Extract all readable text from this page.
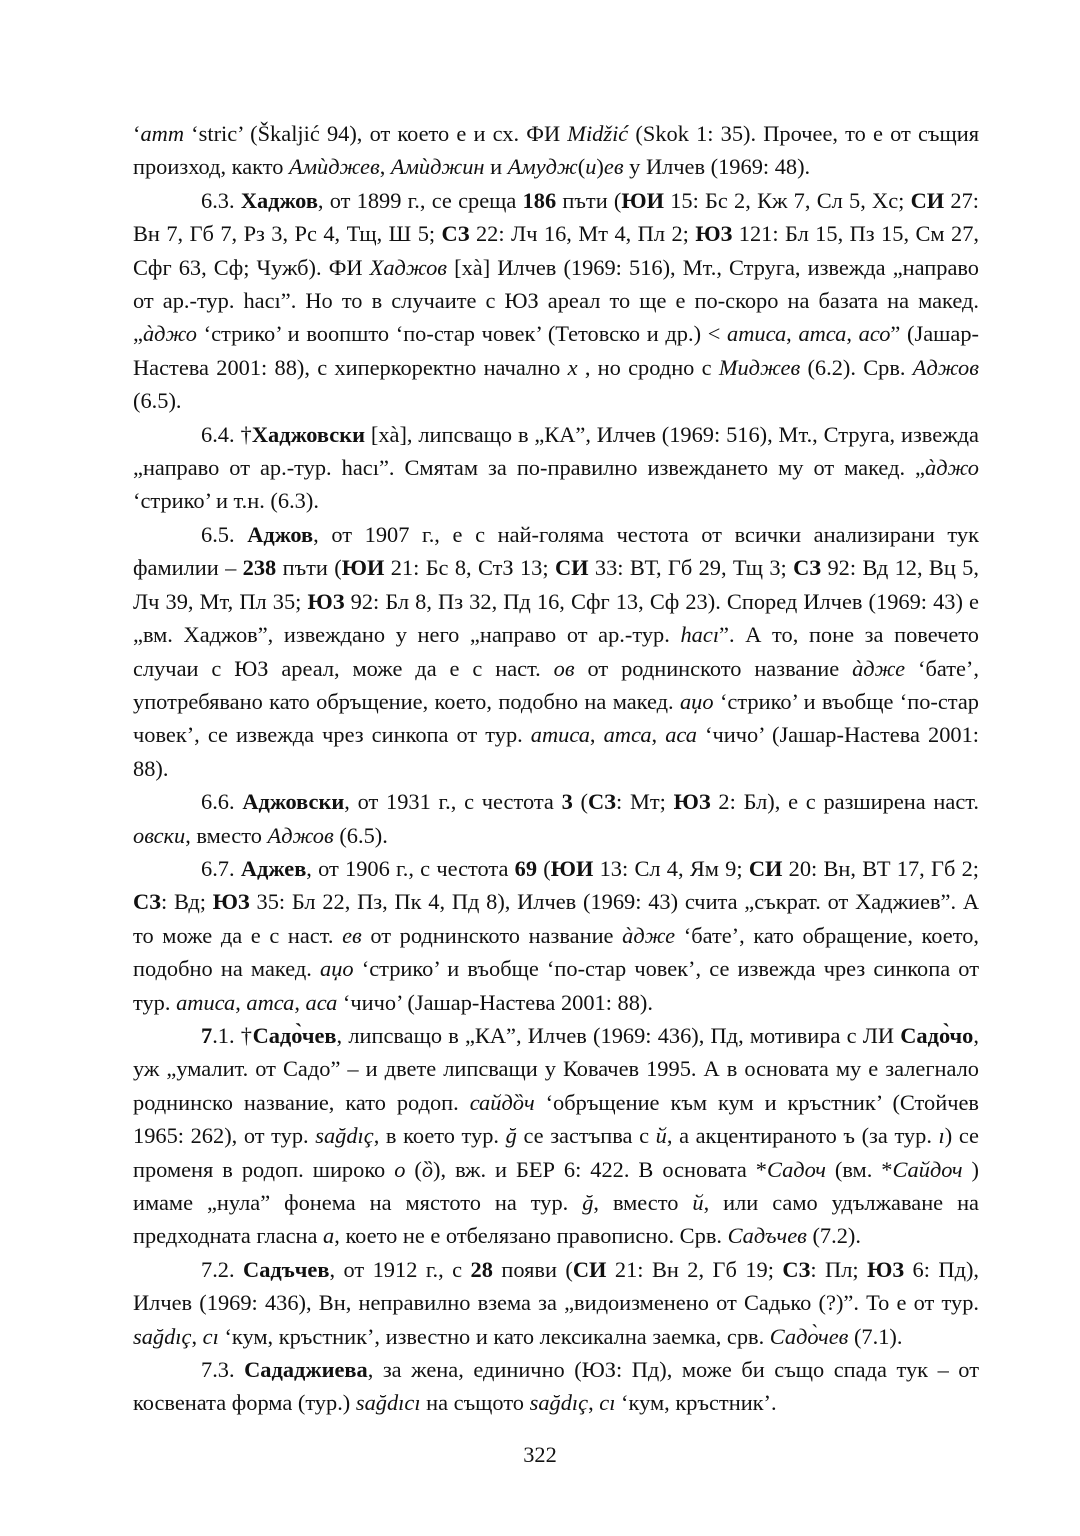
‘amm ‘stric’ (Škaljić 94), от което е и сх. ФИ Midžić (Skok 1: 35). Прочее, то е от същия произход, както Амѝджев, Амѝджин и Амудж(и)ев у Илчев (1969: 48).

6.3. Хаджов, от 1899 г., се среща 186 пъти (ЮИ 15: Бс 2, Кж 7, Сл 5, Хс; СИ 27: Вн 7, Гб 7, Рз 3, Рс 4, Тщ, Ш 5; СЗ 22: Лч 16, Мт 4, Пл 2; ЮЗ 121: Бл 15, Пз 15, См 27, Сфг 63, Сф; Чужб). ФИ Хаджов [хà] Илчев (1969: 516), Мт., Струга, извежда „направо от ар.-тур. hacı”. Но то в случаите с ЮЗ ареал то ще е по-скоро на базата на макед. „àджо ‘стрико’ и воопшто ‘по-стар човек’ (Тетовско и др.) < атиса, атса, асо” (Јашар-Настева 2001: 88), с хиперкоректно начално х , но сродно с Миджев (6.2). Срв. Аджов (6.5).

6.4. †Хаджовски [хà], липсващо в „КА”, Илчев (1969: 516), Мт., Струга, извежда „направо от ар.-тур. hacı”. Смятам за по-правилно извеждането му от макед. „àджо ‘стрико’ и т.н. (6.3).

6.5. Аджов, от 1907 г., е с най-голяма честота от всички анализирани тук фамилии – 238 пъти (ЮИ 21: Бс 8, СтЗ 13; СИ 33: ВТ, Гб 29, Тщ 3; СЗ 92: Вд 12, Вц 5, Лч 39, Мт, Пл 35; ЮЗ 92: Бл 8, Пз 32, Пд 16, Сфг 13, Сф 23). Според Илчев (1969: 43) е „вм. Хаджов”, извеждано у него „направо от ар.-тур. hacı”. А то, поне за повечето случаи с ЮЗ ареал, може да е с наст. ов от роднинското название àдже ‘бате’, употребявано като обръщение, което, подобно на макед. аџо ‘стрико’ и въобще ‘по-стар човек’, се извежда чрез синкопа от тур. атиса, атса, аса ‘чичо’ (Јашар-Настева 2001: 88).

6.6. Аджовски, от 1931 г., с честота 3 (СЗ: Мт; ЮЗ 2: Бл), е с разширена наст. овски, вместо Аджов (6.5).

6.7. Аджев, от 1906 г., с честота 69 (ЮИ 13: Сл 4, Ям 9; СИ 20: Вн, ВТ 17, Гб 2; СЗ: Вд; ЮЗ 35: Бл 22, Пз, Пк 4, Пд 8), Илчев (1969: 43) счита „съкрат. от Хаджиев”. А то може да е с наст. ев от роднинското название àдже ‘бате’, като обращение, което, подобно на макед. аџо ‘стрико’ и въобще ‘по-стар човек’, се извежда чрез синкопа от тур. атиса, атса, аса ‘чичо’ (Јашар-Настева 2001: 88).

7.1. †Садо̀чев, липсващо в „КА”, Илчев (1969: 436), Пд, мотивира с ЛИ Садо̀чо, уж „умалит. от Садо” – и двете липсващи у Ковачев 1995. А в основата му е залегнало роднинско название, като родоп. сайдȍч ‘обръщение към кум и кръстник’ (Стойчев 1965: 262), от тур. sağdıç, в което тур. ğ се застъпва с й, а акцентираното ъ (за тур. ı) се променя в родоп. широко о (ȍ), вж. и БЕР 6: 422. В основата *Садоч (вм. *Сайдоч ) имаме „нула” фонема на мястото на тур. ğ, вместо й, или само удължаване на предходната гласна а, което не е отбелязано правописно. Срв. Садъчев (7.2).

7.2. Садъчев, от 1912 г., с 28 появи (СИ 21: Вн 2, Гб 19; СЗ: Пл; ЮЗ 6: Пд), Илчев (1969: 436), Вн, неправилно взема за „видоизменено от Садько (?)”. То е от тур. sağdıç, cı ‘кум, кръстник’, известно и като лексикална заемка, срв. Садо̀чев (7.1).

7.3. Сададжиева, за жена, единично (ЮЗ: Пд), може би също спада тук – от косвената форма (тур.) sağdıcı на същото sağdıç, cı ‘кум, кръстник’.

322
